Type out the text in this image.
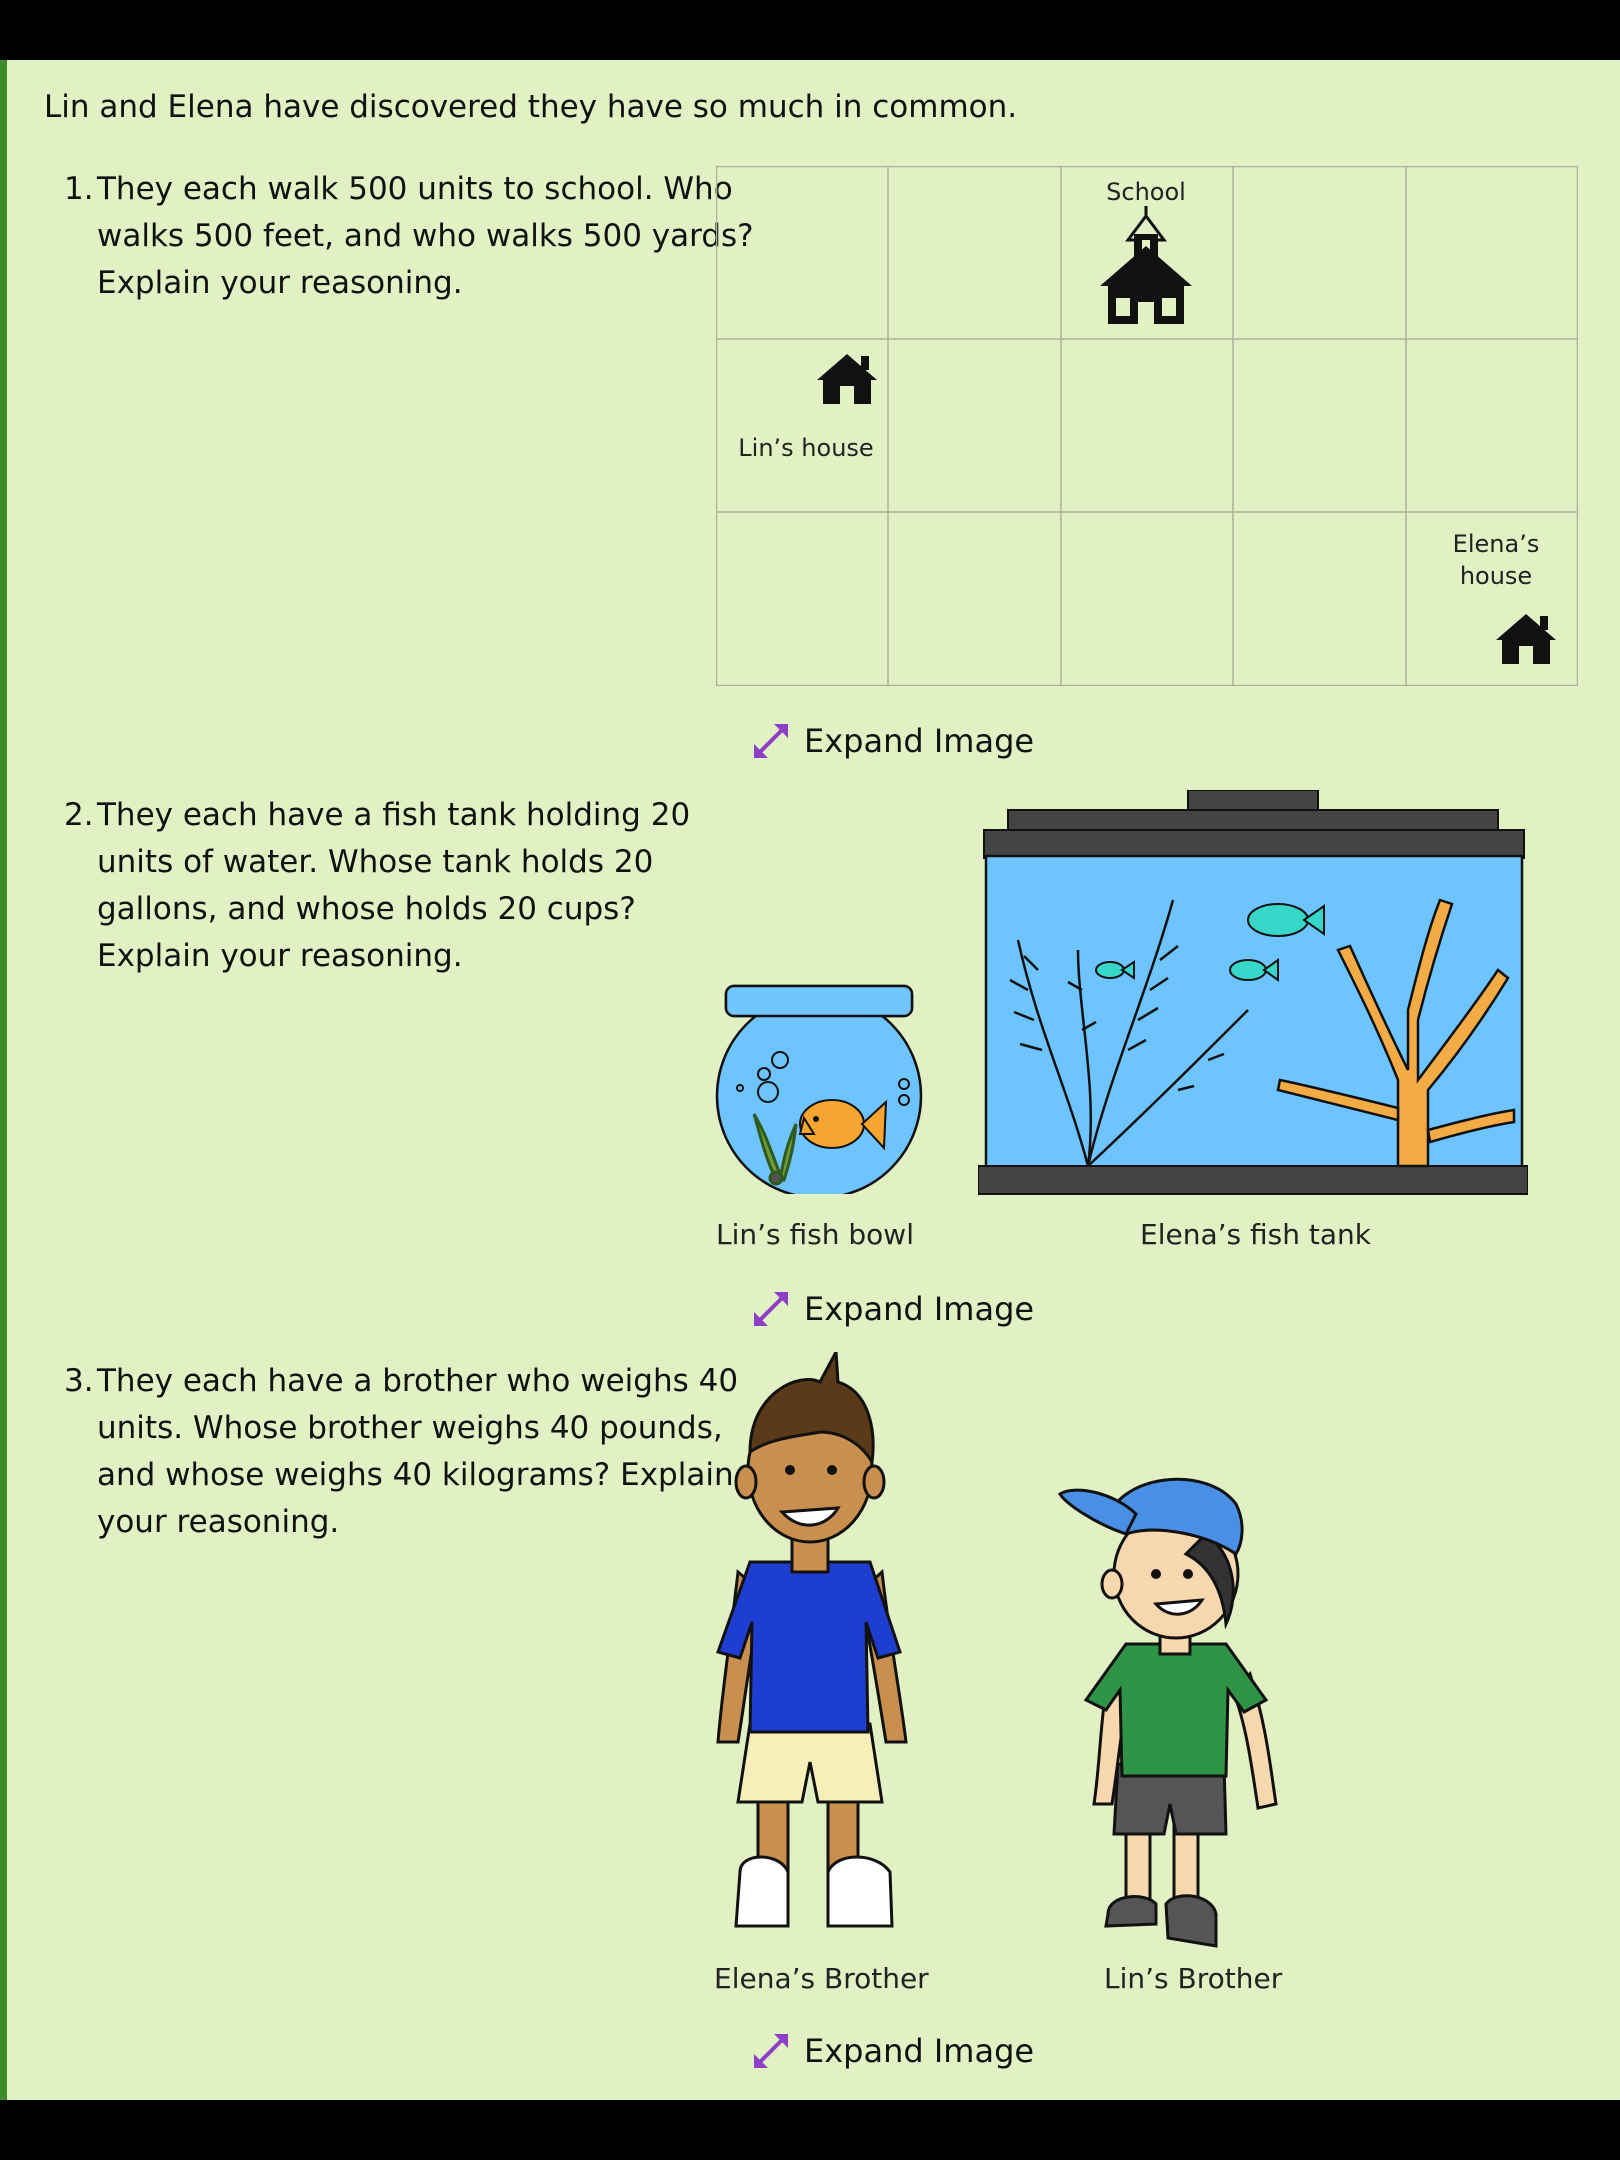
Lin and Elena have discovered they have so much in common.

1. They each walk 500 units to school. Who

walks 500 feet, and who walks 500 yards?

Explain your reasoning.

School
Lin’s house
Elena’s
house
Expand Image
2. They each have a fish tank holding 20

units of water. Whose tank holds 20

gallons, and whose holds 20 cups?

Explain your reasoning.

Lin’s fish bowl	Elena’s fish tank
Expand Image
3. They each have a brother who weighs 40

units. Whose brother weighs 40 pounds,

and whose weighs 40 kilograms? Explain

your reasoning.

Elena’s Brother	Lin’s Brother
Expand Image
